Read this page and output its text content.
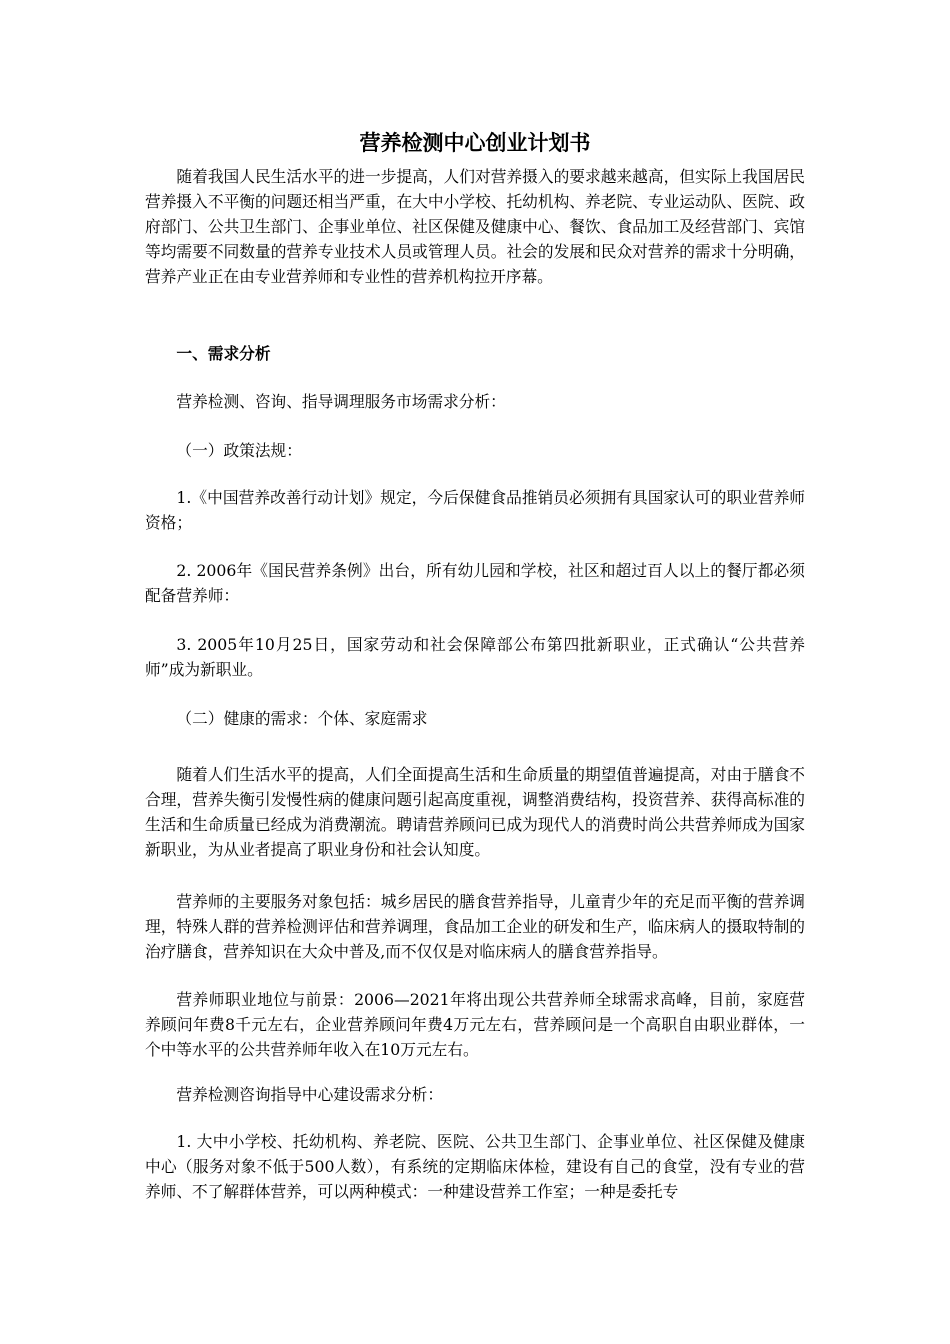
营养检测中心创业计划书

随着我国人民生活水平的进一步提高，人们对营养摄入的要求越来越高，但实际上我国居民营养摄入不平衡的问题还相当严重，在大中小学校、托幼机构、养老院、专业运动队、医院、政府部门、公共卫生部门、企事业单位、社区保健及健康中心、餐饮、食品加工及经营部门、宾馆等均需要不同数量的营养专业技术人员或管理人员。社会的发展和民众对营养的需求十分明确，营养产业正在由专业营养师和专业性的营养机构拉开序幕。

一、需求分析

营养检测、咨询、指导调理服务市场需求分析：

（一）政策法规：

1.《中国营养改善行动计划》规定，今后保健食品推销员必须拥有具国家认可的职业营养师资格；

2. 2006年《国民营养条例》出台，所有幼儿园和学校，社区和超过百人以上的餐厅都必须配备营养师：

3. 2005年10月25日，国家劳动和社会保障部公布第四批新职业，正式确认“公共营养师”成为新职业。

（二）健康的需求：个体、家庭需求

随着人们生活水平的提高，人们全面提高生活和生命质量的期望值普遍提高，对由于膳食不合理，营养失衡引发慢性病的健康问题引起高度重视，调整消费结构，投资营养、获得高标准的生活和生命质量已经成为消费潮流。聘请营养顾问已成为现代人的消费时尚公共营养师成为国家新职业，为从业者提高了职业身份和社会认知度。

营养师的主要服务对象包括：城乡居民的膳食营养指导，儿童青少年的充足而平衡的营养调理，特殊人群的营养检测评估和营养调理，食品加工企业的研发和生产，临床病人的摄取特制的治疗膳食，营养知识在大众中普及,而不仅仅是对临床病人的膳食营养指导。

营养师职业地位与前景：2006—2021年将出现公共营养师全球需求高峰，目前，家庭营养顾问年费8千元左右，企业营养顾问年费4万元左右，营养顾问是一个高职自由职业群体，一个中等水平的公共营养师年收入在10万元左右。

营养检测咨询指导中心建设需求分析：

1. 大中小学校、托幼机构、养老院、医院、公共卫生部门、企事业单位、社区保健及健康中心（服务对象不低于500人数），有系统的定期临床体检，建设有自己的食堂，没有专业的营养师、不了解群体营养，可以两种模式：一种建设营养工作室；一种是委托专
